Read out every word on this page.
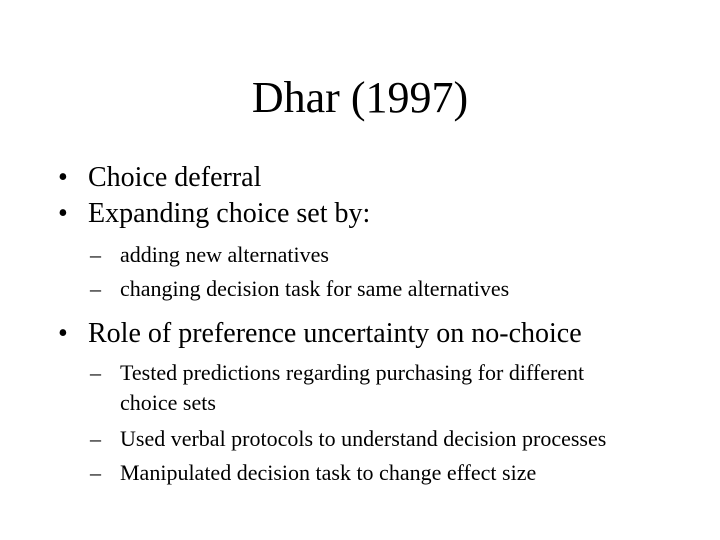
Dhar (1997)
• Choice deferral
• Expanding choice set by:
– adding new alternatives
– changing decision task for same alternatives
• Role of preference uncertainty on no-choice
– Tested predictions regarding purchasing for different choice sets
– Used verbal protocols to understand decision processes
– Manipulated decision task to change effect size
